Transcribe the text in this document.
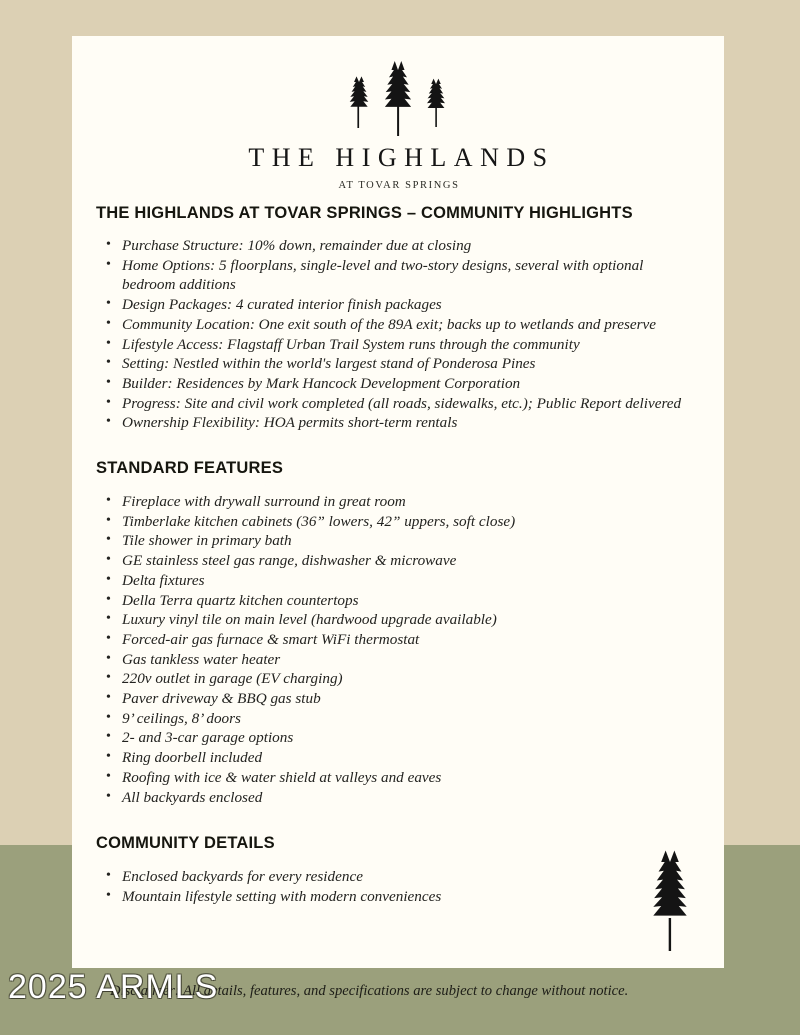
THE HIGHLANDS
AT TOVAR SPRINGS
THE HIGHLANDS AT TOVAR SPRINGS – COMMUNITY HIGHLIGHTS
• Purchase Structure: 10% down, remainder due at closing
• Home Options: 5 floorplans, single-level and two-story designs, several with optional bedroom additions
• Design Packages: 4 curated interior finish packages
• Community Location: One exit south of the 89A exit; backs up to wetlands and preserve
• Lifestyle Access: Flagstaff Urban Trail System runs through the community
• Setting: Nestled within the world's largest stand of Ponderosa Pines
• Builder: Residences by Mark Hancock Development Corporation
• Progress: Site and civil work completed (all roads, sidewalks, etc.); Public Report delivered
• Ownership Flexibility: HOA permits short-term rentals
STANDARD FEATURES
• Fireplace with drywall surround in great room
• Timberlake kitchen cabinets (36” lowers, 42” uppers, soft close)
• Tile shower in primary bath
• GE stainless steel gas range, dishwasher & microwave
• Delta fixtures
• Della Terra quartz kitchen countertops
• Luxury vinyl tile on main level (hardwood upgrade available)
• Forced-air gas furnace & smart WiFi thermostat
• Gas tankless water heater
• 220v outlet in garage (EV charging)
• Paver driveway & BBQ gas stub
• 9’ ceilings, 8’ doors
• 2- and 3-car garage options
• Ring doorbell included
• Roofing with ice & water shield at valleys and eaves
• All backyards enclosed
COMMUNITY DETAILS
• Enclosed backyards for every residence
• Mountain lifestyle setting with modern conveniences
Disclaimer: All details, features, and specifications are subject to change without notice.
2025 ARMLS
